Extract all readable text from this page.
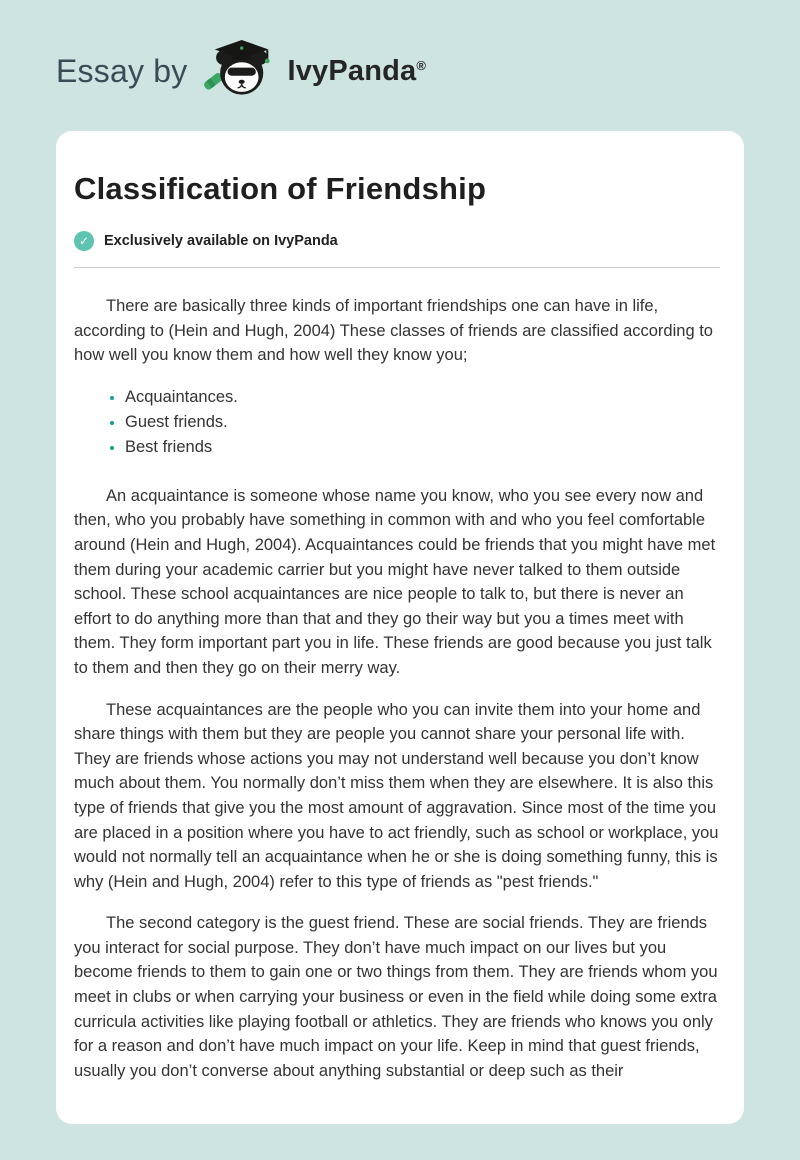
Essay by	IvyPanda®
Classification of Friendship
✓	Exclusively available on IvyPanda

There are basically three kinds of important friendships one can have in life, according to (Hein and Hugh, 2004) These classes of friends are classified according to how well you know them and how well they know you;

• Acquaintances.
• Guest friends.
• Best friends

An acquaintance is someone whose name you know, who you see every now and then, who you probably have something in common with and who you feel comfortable around (Hein and Hugh, 2004). Acquaintances could be friends that you might have met them during your academic carrier but you might have never talked to them outside school. These school acquaintances are nice people to talk to, but there is never an effort to do anything more than that and they go their way but you a times meet with them. They form important part you in life. These friends are good because you just talk to them and then they go on their merry way.

These acquaintances are the people who you can invite them into your home and share things with them but they are people you cannot share your personal life with. They are friends whose actions you may not understand well because you don’t know much about them. You normally don’t miss them when they are elsewhere. It is also this type of friends that give you the most amount of aggravation. Since most of the time you are placed in a position where you have to act friendly, such as school or workplace, you would not normally tell an acquaintance when he or she is doing something funny, this is why (Hein and Hugh, 2004) refer to this type of friends as "pest friends."

The second category is the guest friend. These are social friends. They are friends you interact for social purpose. They don’t have much impact on our lives but you become friends to them to gain one or two things from them. They are friends whom you meet in clubs or when carrying your business or even in the field while doing some extra curricula activities like playing football or athletics. They are friends who knows you only for a reason and don’t have much impact on your life. Keep in mind that guest friends, usually you don’t converse about anything substantial or deep such as their
